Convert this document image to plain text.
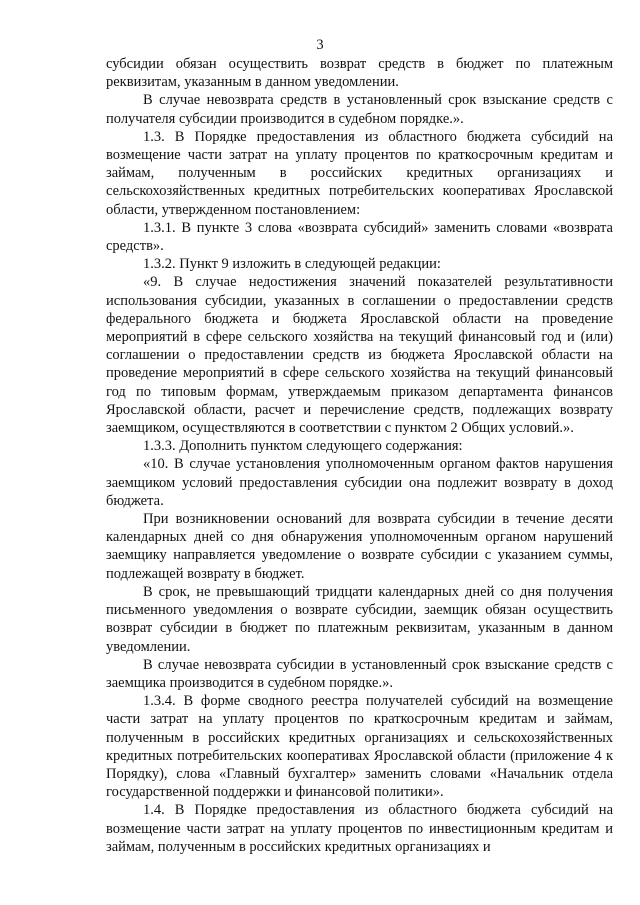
3

субсидии обязан осуществить возврат средств в бюджет по платежным реквизитам, указанным в данном уведомлении.

В случае невозврата средств в установленный срок взыскание средств с получателя субсидии производится в судебном порядке.».

1.3. В Порядке предоставления из областного бюджета субсидий на возмещение части затрат на уплату процентов по краткосрочным кредитам и займам, полученным в российских кредитных организациях и сельскохозяйственных кредитных потребительских кооперативах Ярославской области, утвержденном постановлением:

1.3.1. В пункте 3 слова «возврата субсидий» заменить словами «возврата средств».

1.3.2. Пункт 9 изложить в следующей редакции:

«9. В случае недостижения значений показателей результативности использования субсидии, указанных в соглашении о предоставлении средств федерального бюджета и бюджета Ярославской области на проведение мероприятий в сфере сельского хозяйства на текущий финансовый год и (или) соглашении о предоставлении средств из бюджета Ярославской области на проведение мероприятий в сфере сельского хозяйства на текущий финансовый год по типовым формам, утверждаемым приказом департамента финансов Ярославской области, расчет и перечисление средств, подлежащих возврату заемщиком, осуществляются в соответствии с пунктом 2 Общих условий.».

1.3.3. Дополнить пунктом следующего содержания:

«10. В случае установления уполномоченным органом фактов нарушения заемщиком условий предоставления субсидии она подлежит возврату в доход бюджета.

При возникновении оснований для возврата субсидии в течение десяти календарных дней со дня обнаружения уполномоченным органом нарушений заемщику направляется уведомление о возврате субсидии с указанием суммы, подлежащей возврату в бюджет.

В срок, не превышающий тридцати календарных дней со дня получения письменного уведомления о возврате субсидии, заемщик обязан осуществить возврат субсидии в бюджет по платежным реквизитам, указанным в данном уведомлении.

В случае невозврата субсидии в установленный срок взыскание средств с заемщика производится в судебном порядке.».

1.3.4. В форме сводного реестра получателей субсидий на возмещение части затрат на уплату процентов по краткосрочным кредитам и займам, полученным в российских кредитных организациях и сельскохозяйственных кредитных потребительских кооперативах Ярославской области (приложение 4 к Порядку), слова «Главный бухгалтер» заменить словами «Начальник отдела государственной поддержки и финансовой политики».

1.4. В Порядке предоставления из областного бюджета субсидий на возмещение части затрат на уплату процентов по инвестиционным кредитам и займам, полученным в российских кредитных организациях и
